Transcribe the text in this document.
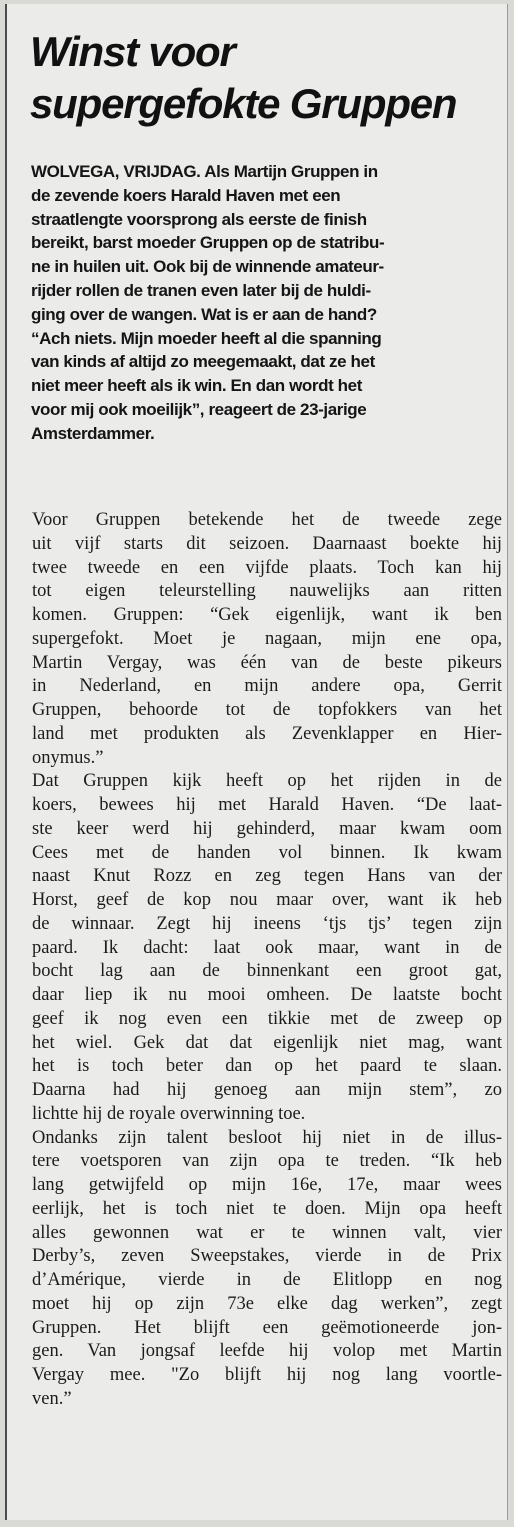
Winst voor
supergefokte Gruppen
WOLVEGA, VRIJDAG. Als Martijn Gruppen in
de zevende koers Harald Haven met een
straatlengte voorsprong als eerste de finish
bereikt, barst moeder Gruppen op de statribu-
ne in huilen uit. Ook bij de winnende amateur-
rijder rollen de tranen even later bij de huldi-
ging over de wangen. Wat is er aan de hand?
“Ach niets. Mijn moeder heeft al die spanning
van kinds af altijd zo meegemaakt, dat ze het
niet meer heeft als ik win. En dan wordt het
voor mij ook moeilijk”, reageert de 23-jarige
Amsterdammer.
Voor Gruppen betekende het de tweede zege
uit vijf starts dit seizoen. Daarnaast boekte hij
twee tweede en een vijfde plaats. Toch kan hij
tot eigen teleurstelling nauwelijks aan ritten
komen. Gruppen: “Gek eigenlijk, want ik ben
supergefokt. Moet je nagaan, mijn ene opa,
Martin Vergay, was één van de beste pikeurs
in Nederland, en mijn andere opa, Gerrit
Gruppen, behoorde tot de topfokkers van het
land met produkten als Zevenklapper en Hier-
onymus.”
Dat Gruppen kijk heeft op het rijden in de
koers, bewees hij met Harald Haven. “De laat-
ste keer werd hij gehinderd, maar kwam oom
Cees met de handen vol binnen. Ik kwam
naast Knut Rozz en zeg tegen Hans van der
Horst, geef de kop nou maar over, want ik heb
de winnaar. Zegt hij ineens ‘tjs tjs’ tegen zijn
paard. Ik dacht: laat ook maar, want in de
bocht lag aan de binnenkant een groot gat,
daar liep ik nu mooi omheen. De laatste bocht
geef ik nog even een tikkie met de zweep op
het wiel. Gek dat dat eigenlijk niet mag, want
het is toch beter dan op het paard te slaan.
Daarna had hij genoeg aan mijn stem”, zo
lichtte hij de royale overwinning toe.
Ondanks zijn talent besloot hij niet in de illus-
tere voetsporen van zijn opa te treden. “Ik heb
lang getwijfeld op mijn 16e, 17e, maar wees
eerlijk, het is toch niet te doen. Mijn opa heeft
alles gewonnen wat er te winnen valt, vier
Derby’s, zeven Sweepstakes, vierde in de Prix
d’Amérique, vierde in de Elitlopp en nog
moet hij op zijn 73e elke dag werken”, zegt
Gruppen. Het blijft een geëmotioneerde jon-
gen. Van jongsaf leefde hij volop met Martin
Vergay mee. "Zo blijft hij nog lang voortle-
ven.”
